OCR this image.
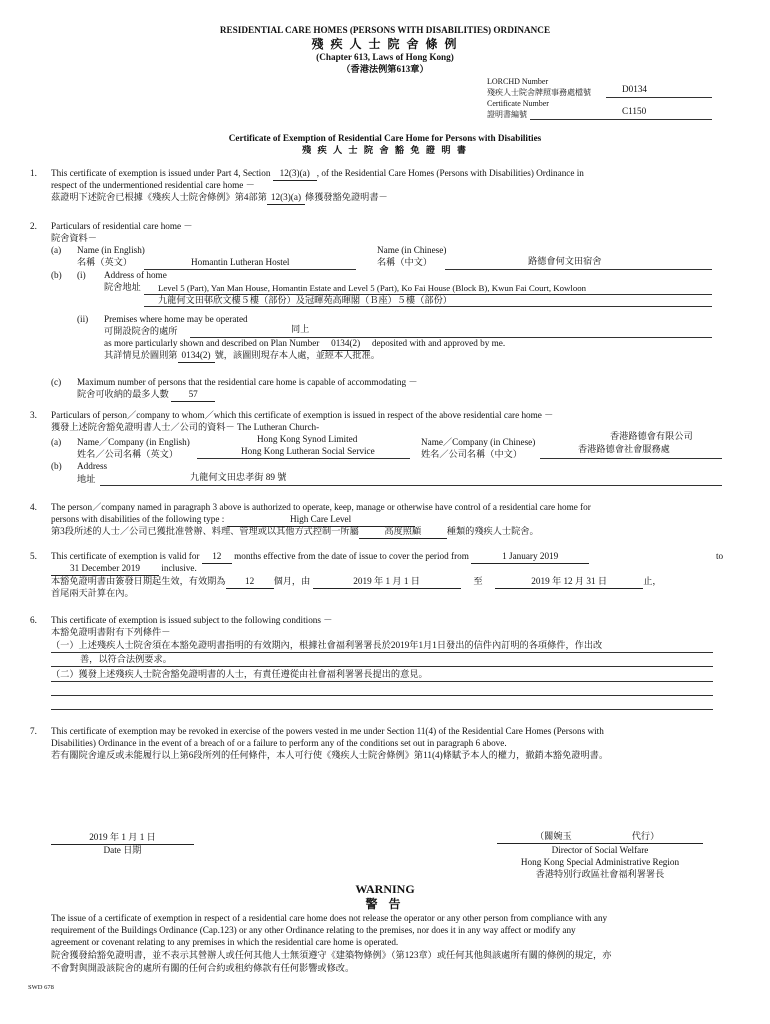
RESIDENTIAL CARE HOMES (PERSONS WITH DISABILITIES) ORDINANCE
殘 疾 人 士 院 舍 條 例
(Chapter 613, Laws of Hong Kong)
（香港法例第613章）
LORCHD Number
殘疾人士院舍牌照事務處檔號	D0134
Certificate Number
證明書編號	C1150
Certificate of Exemption of Residential Care Home for Persons with Disabilities
殘 疾 人 士 院 舍 豁 免 證 明 書
1. This certificate of exemption is issued under Part 4, Section 12(3)(a) , of the Residential Care Homes (Persons with Disabilities) Ordinance in
respect of the undermentioned residential care home －
茲證明下述院舍已根據《殘疾人士院舍條例》第4部第 12(3)(a) 條獲發豁免證明書－
2. Particulars of residential care home －
院舍資料－
(a) Name (in English)
名稱（英文）	Homantin Lutheran Hostel
Name (in Chinese)
名稱（中文）	路德會何文田宿舍
(b) (i) Address of home
院舍地址 Level 5 (Part), Yan Man House, Homantin Estate and Level 5 (Part), Ko Fai House (Block B), Kwun Fai Court, Kowloon
九龍何文田邨欣文樓５樓（部份）及冠暉苑高暉閣（Ｂ座）５樓（部份）
(ii) Premises where home may be operated
可開設院舍的處所	同上
as more particularly shown and described on Plan Number 0134(2) deposited with and approved by me.
其詳情見於圖則第 0134(2) 號，該圖則現存本人處，並經本人批准。
(c) Maximum number of persons that the residential care home is capable of accommodating －
院舍可收納的最多人數 57
3. Particulars of person／company to whom／which this certificate of exemption is issued in respect of the above residential care home －
獲發上述院舍豁免證明書人士／公司的資料－ The Lutheran Church-
(a) Name／Company (in English)
姓名／公司名稱（英文）
Hong Kong Synod Limited
Hong Kong Lutheran Social Service
Name／Company (in Chinese)
姓名／公司名稱（中文）
香港路德會有限公司
香港路德會社會服務處
(b) Address
地址	九龍何文田忠孝街 89 號
4. The person／company named in paragraph 3 above is authorized to operate, keep, manage or otherwise have control of a residential care home for
persons with disabilities of the following type :	High Care Level
第3段所述的人士／公司已獲批准營辦、料理、管理或以其他方式控制一所屬	高度照顧	種類的殘疾人士院舍。
5. This certificate of exemption is valid for 12 months effective from the date of issue to cover the period from	1 January 2019	to
31 December 2019 inclusive.
本豁免證明書由簽發日期起生效，有效期為 12 個月，由	2019 年 1 月 1 日	至	2019 年 12 月 31 日	止，
首尾兩天計算在內。
6. This certificate of exemption is issued subject to the following conditions －
本豁免證明書附有下列條件－
（一）上述殘疾人士院舍須在本豁免證明書指明的有效期內，根據社會福利署署長於2019年1月1日發出的信件內訂明的各項條件，作出改
善，以符合法例要求。
（二）獲發上述殘疾人士院舍豁免證明書的人士，有責任遵從由社會福利署署長提出的意見。
7. This certificate of exemption may be revoked in exercise of the powers vested in me under Section 11(4) of the Residential Care Homes (Persons with
Disabilities) Ordinance in the event of a breach of or a failure to perform any of the conditions set out in paragraph 6 above.
若有關院舍違反或未能履行以上第6段所列的任何條件，本人可行使《殘疾人士院舍條例》第11(4)條賦予本人的權力，撤銷本豁免證明書。
2019 年 1 月 1 日
Date 日期
（關婉玉	代行）
Director of Social Welfare
Hong Kong Special Administrative Region
香港特別行政區社會福利署署長
WARNING
警 告
The issue of a certificate of exemption in respect of a residential care home does not release the operator or any other person from compliance with any
requirement of the Buildings Ordinance (Cap.123) or any other Ordinance relating to the premises, nor does it in any way affect or modify any
agreement or covenant relating to any premises in which the residential care home is operated.
院舍獲發給豁免證明書，並不表示其營辦人或任何其他人士無須遵守《建築物條例》（第123章）或任何其他與該處所有關的條例的規定，亦
不會對與開設該院舍的處所有關的任何合約或租約條款有任何影響或修改。
SWD 678
